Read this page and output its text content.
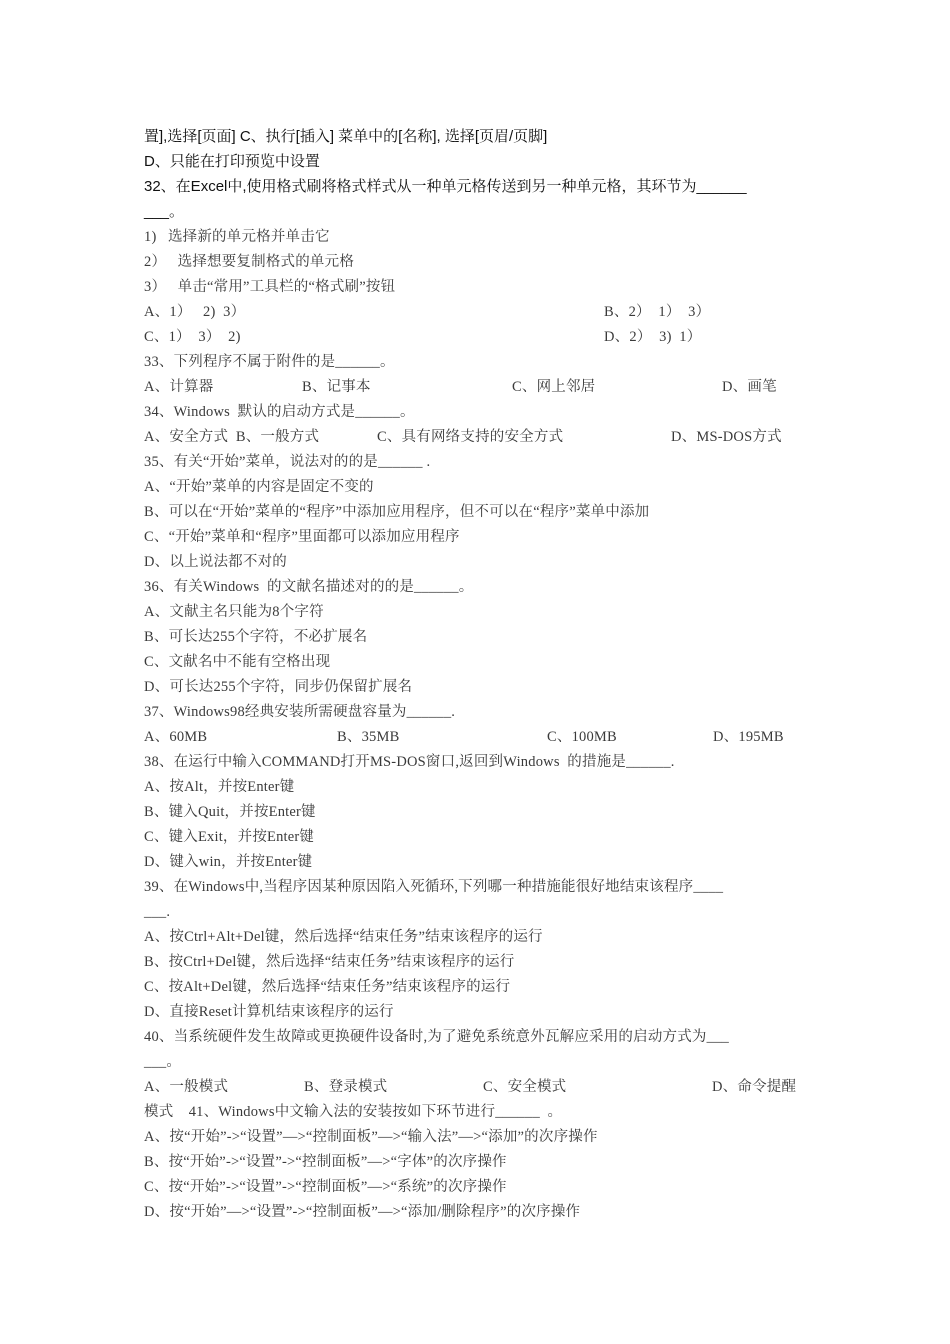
置],选择[页面] C、执行[插入] 菜单中的[名称], 选择[页眉/页脚]
D、只能在打印预览中设置
32、在Excel中,使用格式刷将格式样式从一种单元格传送到另一种单元格，其环节为______
___。
1)   选择新的单元格并单击它
2）   选择想要复制格式的单元格
3）   单击“常用”工具栏的“格式刷”按钮

A、1）   2)  3）

	B、2）  1）  3）

C、1）  3）  2)

	D、2）  3)  1）

33、下列程序不属于附件的是______。

A、计算器

	B、记事本

	C、网上邻居

	D、画笔

34、Windows  默认的启动方式是______。

A、安全方式  B、一般方式

	C、具有网络支持的安全方式

	D、MS-DOS方式

35、有关“开始”菜单，说法对的的是______ .
A、“开始”菜单的内容是固定不变的
B、可以在“开始”菜单的“程序”中添加应用程序，但不可以在“程序”菜单中添加
C、“开始”菜单和“程序”里面都可以添加应用程序
D、以上说法都不对的
36、有关Windows  的文献名描述对的的是______。
A、文献主名只能为8个字符
B、可长达255个字符，不必扩展名
C、文献名中不能有空格出现
D、可长达255个字符，同步仍保留扩展名
37、Windows98经典安装所需硬盘容量为______.

A、60MB

	B、35MB

	C、100MB

	D、195MB

38、在运行中输入COMMAND打开MS-DOS窗口,返回到Windows  的措施是______.
A、按Alt，并按Enter键
B、键入Quit，并按Enter键
C、键入Exit，并按Enter键
D、键入win，并按Enter键
39、在Windows中,当程序因某种原因陷入死循环,下列哪一种措施能很好地结束该程序____
___.
A、按Ctrl+Alt+Del键，然后选择“结束任务”结束该程序的运行
B、按Ctrl+Del键，然后选择“结束任务”结束该程序的运行
C、按Alt+Del键，然后选择“结束任务”结束该程序的运行
D、直接Reset计算机结束该程序的运行
40、当系统硬件发生故障或更换硬件设备时,为了避免系统意外瓦解应采用的启动方式为___
___。

A、一般模式

	B、登录模式

	C、安全模式

	D、命令提醒

模式    41、Windows中文输入法的安装按如下环节进行______  。
A、按“开始”->“设置”—>“控制面板”—>“输入法”—>“添加”的次序操作
B、按“开始”->“设置”->“控制面板”—>“字体”的次序操作
C、按“开始”->“设置”->“控制面板”—>“系统”的次序操作
D、按“开始”—>“设置”->“控制面板”—>“添加/删除程序”的次序操作
